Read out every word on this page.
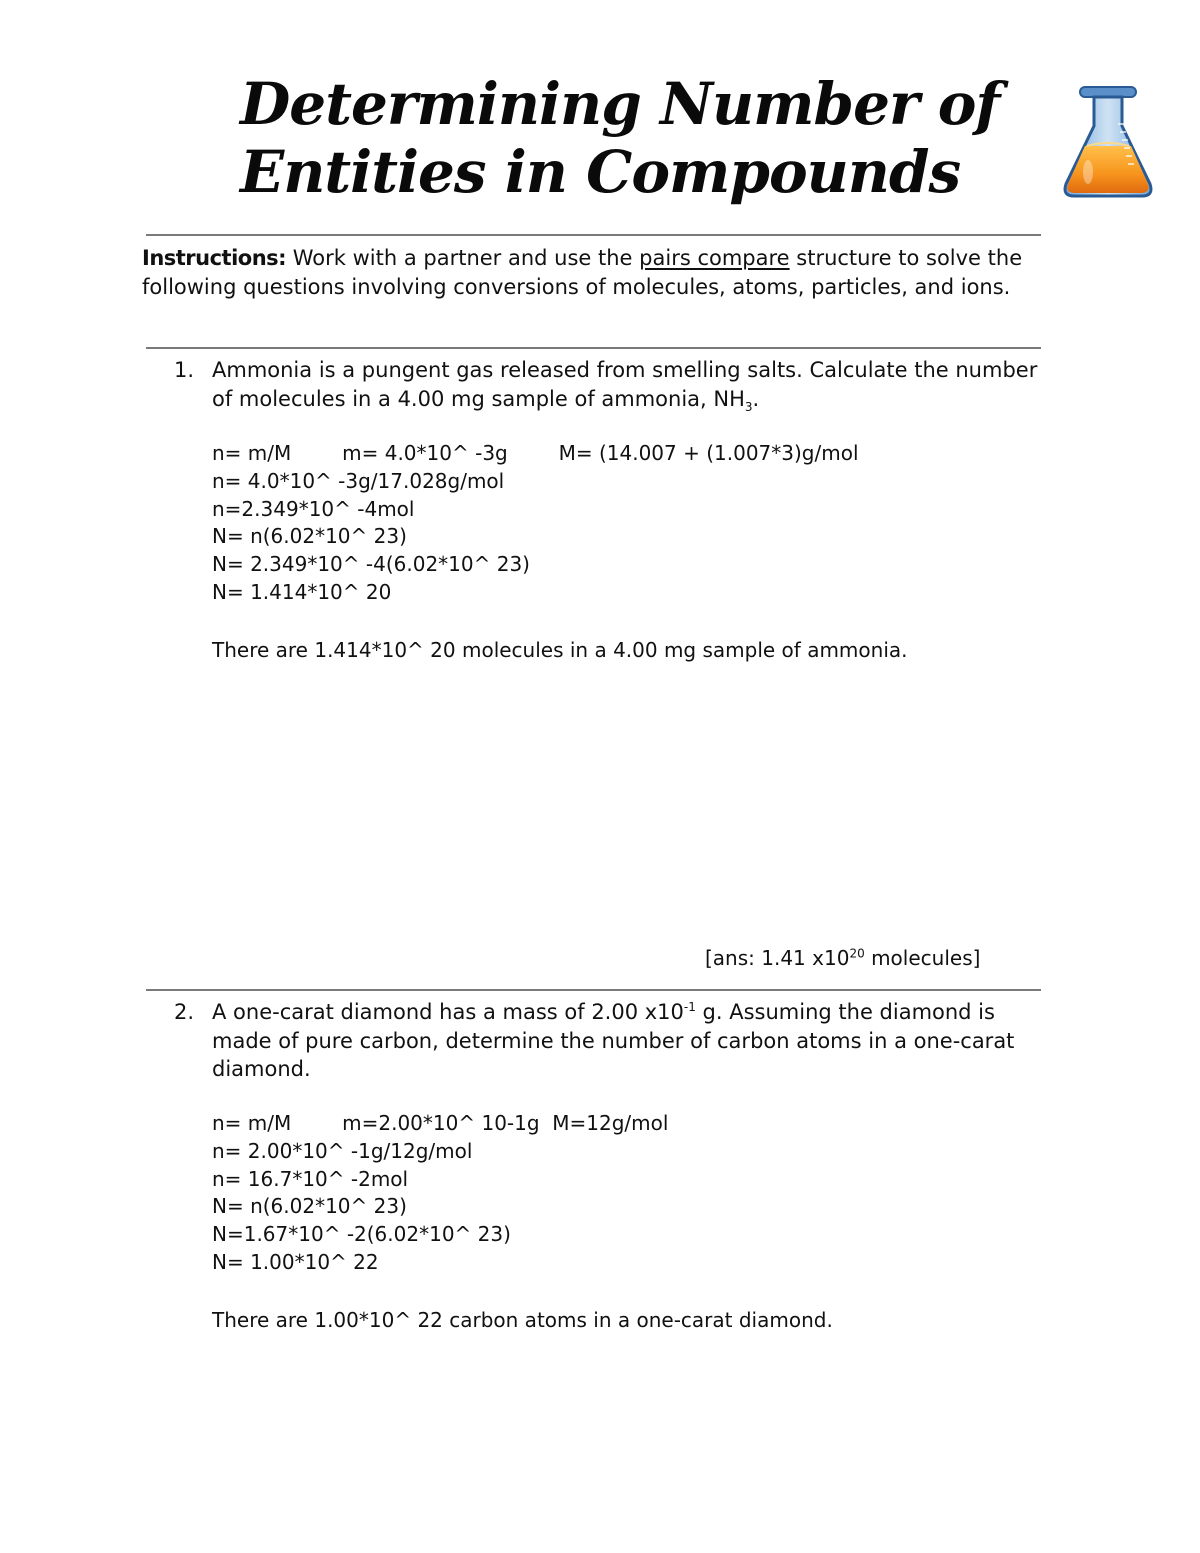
Determining Number of
Entities in Compounds
Instructions: Work with a partner and use the pairs compare structure to solve the following questions involving conversions of molecules, atoms, particles, and ions.
1. Ammonia is a pungent gas released from smelling salts. Calculate the number of molecules in a 4.00 mg sample of ammonia, $NH_3$.
n= m/M        m= 4.0*10^ -3g        M= (14.007 + (1.007*3)g/mol
n= 4.0*10^ -3g/17.028g/mol
n=2.349*10^ -4mol
N= n(6.02*10^ 23)
N= 2.349*10^ -4(6.02*10^ 23)
N= 1.414*10^ 20
There are 1.414*10^ 20 molecules in a 4.00 mg sample of ammonia.
[ans: 1.41 $x10^{20}$ molecules]
2. A one-carat diamond has a mass of 2.00 $x10^{-1}$ g. Assuming the diamond is made of pure carbon, determine the number of carbon atoms in a one-carat diamond.
n= m/M        m=2.00*10^ 10-1g  M=12g/mol
n= 2.00*10^ -1g/12g/mol
n= 16.7*10^ -2mol
N= n(6.02*10^ 23)
N=1.67*10^ -2(6.02*10^ 23)
N= 1.00*10^ 22
There are 1.00*10^ 22 carbon atoms in a one-carat diamond.
